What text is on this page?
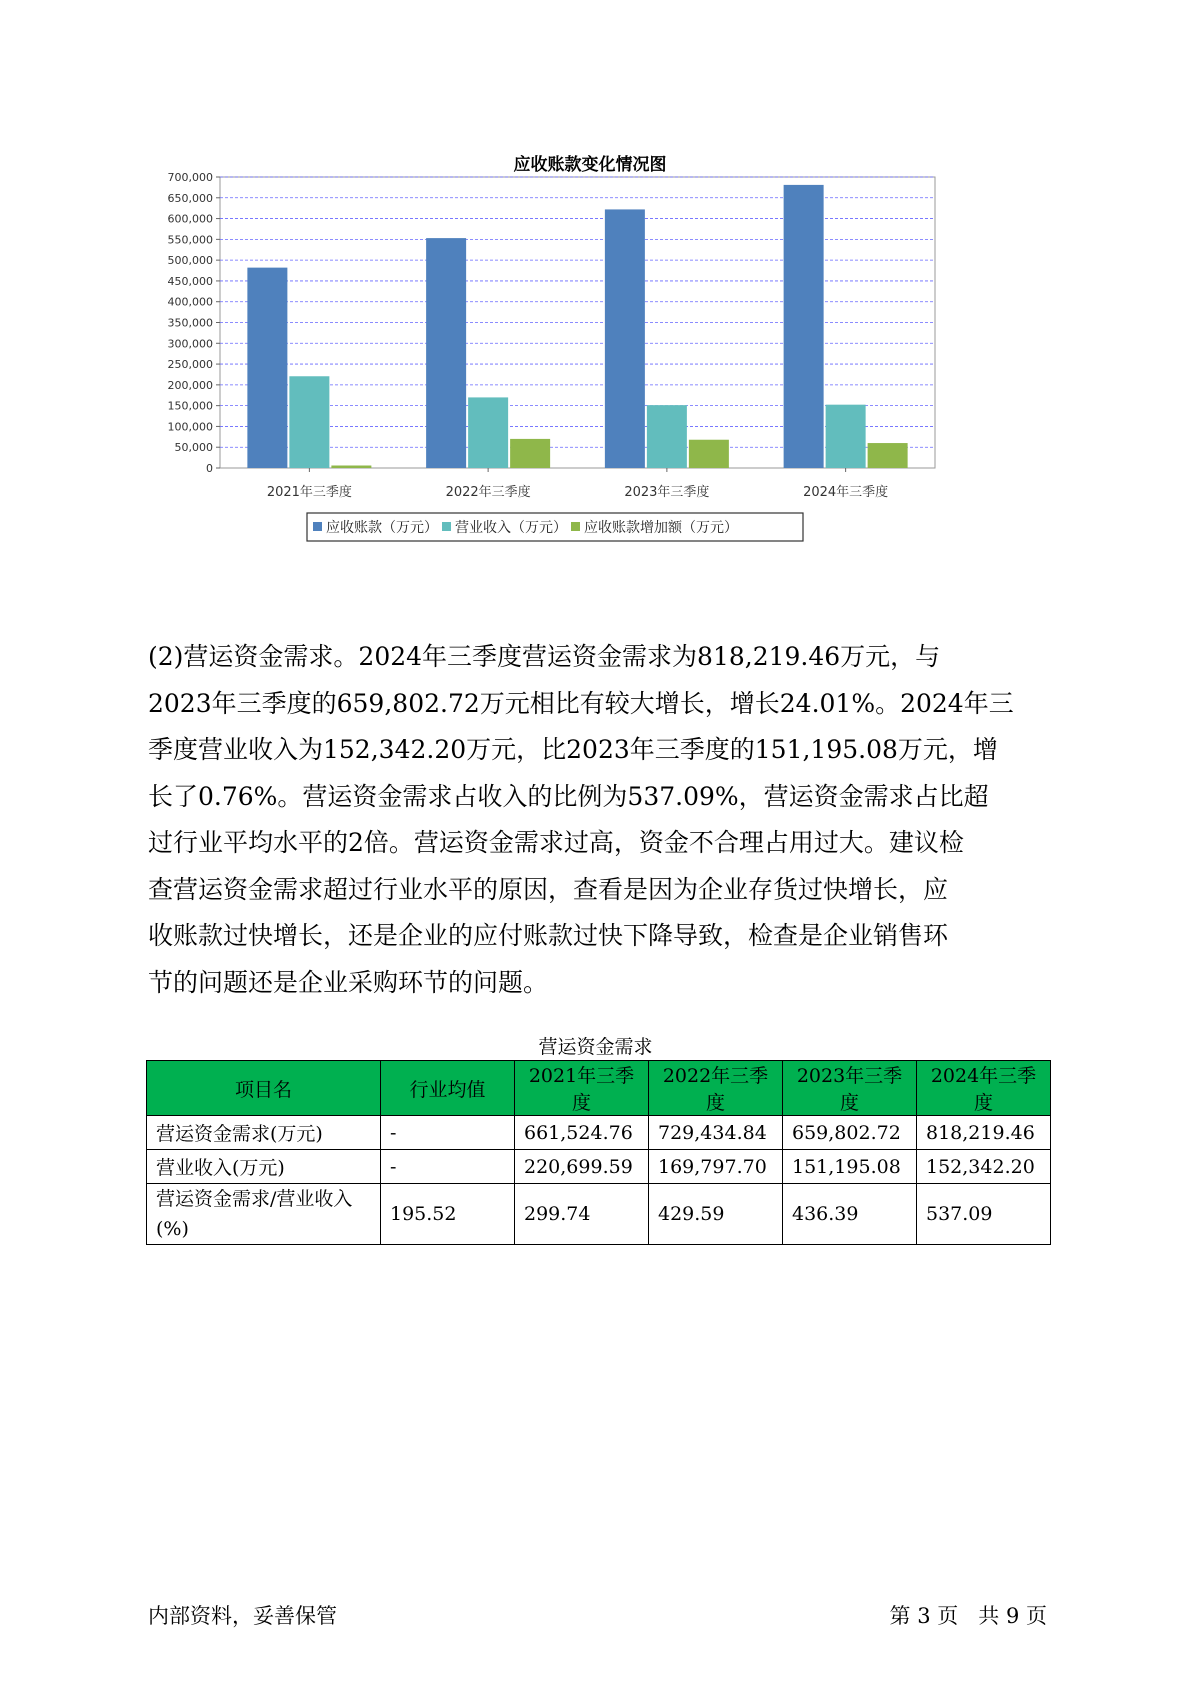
应收账款变化情况图
0
50,000
100,000
150,000
200,000
250,000
300,000
350,000
400,000
450,000
500,000
550,000
600,000
650,000
700,000
2021年三季度	2022年三季度	2023年三季度	2024年三季度
应收账款（万元） 营业收入（万元） 应收账款增加额（万元）
(2)营运资金需求。2024年三季度营运资金需求为818,219.46万元，与
2023年三季度的659,802.72万元相比有较大增长，增长24.01%。2024年三
季度营业收入为152,342.20万元，比2023年三季度的151,195.08万元，增
长了0.76%。营运资金需求占收入的比例为537.09%，营运资金需求占比超
过行业平均水平的2倍。营运资金需求过高，资金不合理占用过大。建议检
查营运资金需求超过行业水平的原因，查看是因为企业存货过快增长，应
收账款过快增长，还是企业的应付账款过快下降导致，检查是企业销售环
节的问题还是企业采购环节的问题。
营运资金需求
项目名	行业均值	2021年三季度	2022年三季度	2023年三季度	2024年三季度
营运资金需求(万元)	-	661,524.76	729,434.84	659,802.72	818,219.46
营业收入(万元)	-	220,699.59	169,797.70	151,195.08	152,342.20
营运资金需求/营业收入(%)	195.52	299.74	429.59	436.39	537.09
内部资料，妥善保管	第 3 页   共 9 页
